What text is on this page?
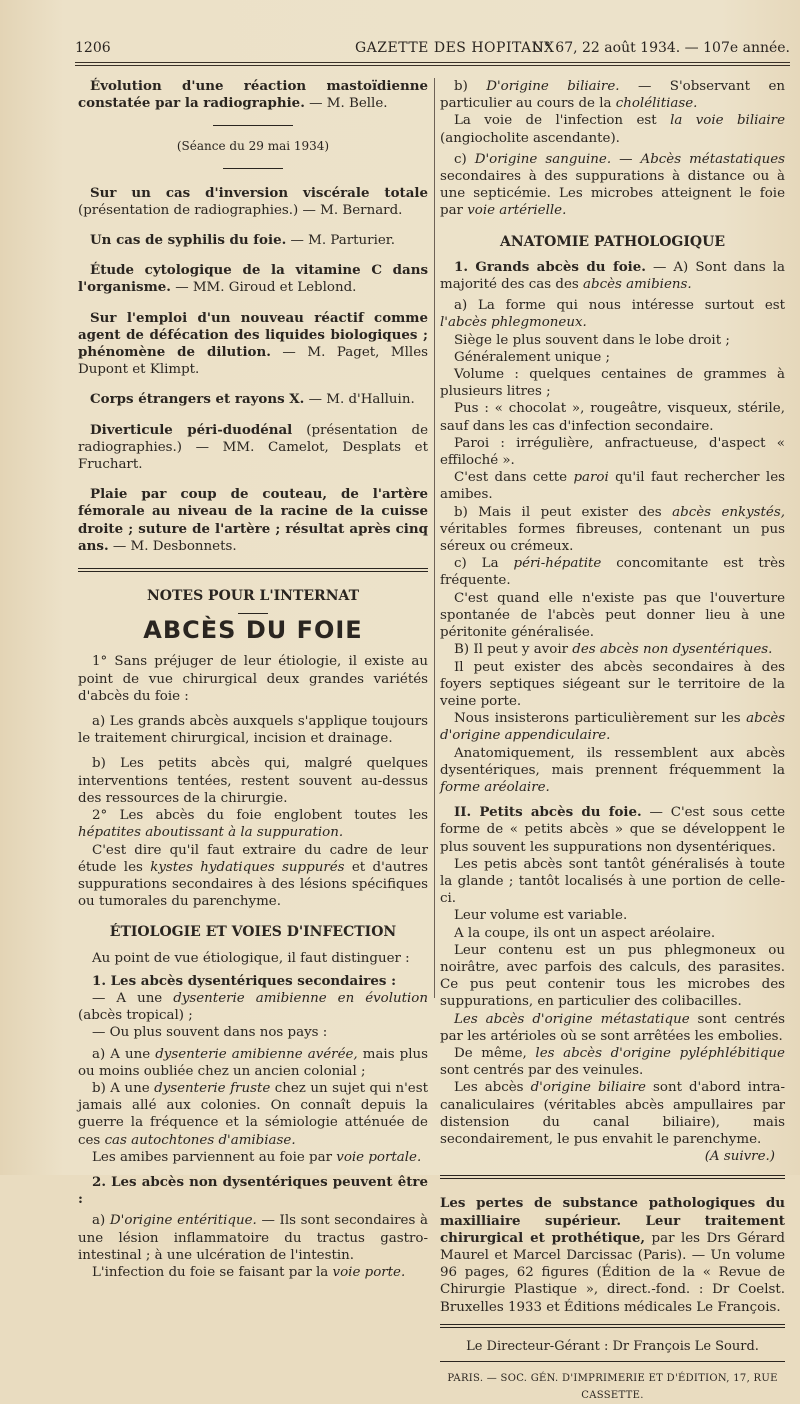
1206	GAZETTE DES HOPITAUX
N° 67, 22 août 1934. — 107e année.

Évolution d'une réaction mastoïdienne constatée par la radiographie. — M. Belle.

(Séance du 29 mai 1934)

Sur un cas d'inversion viscérale totale (présentation de radiographies.) — M. Bernard.

Un cas de syphilis du foie. — M. Parturier.

Étude cytologique de la vitamine C dans l'organisme. — MM. Giroud et Leblond.

Sur l'emploi d'un nouveau réactif comme agent de défécation des liquides biologiques ; phénomène de dilution. — M. Paget, Mlles Dupont et Klimpt.

Corps étrangers et rayons X. — M. d'Halluin.

Diverticule péri-duodénal (présentation de radiographies.) — MM. Camelot, Desplats et Fruchart.

Plaie par coup de couteau, de l'artère fémorale au niveau de la racine de la cuisse droite ; suture de l'artère ; résultat après cinq ans. — M. Desbonnets.

NOTES POUR L'INTERNAT

ABCÈS DU FOIE

1° Sans préjuger de leur étiologie, il existe au point de vue chirurgical deux grandes variétés d'abcès du foie :

a) Les grands abcès auxquels s'applique toujours le traitement chirurgical, incision et drainage.

b) Les petits abcès qui, malgré quelques interventions tentées, restent souvent au-dessus des ressources de la chirurgie.

2° Les abcès du foie englobent toutes les hépatites aboutissant à la suppuration.

C'est dire qu'il faut extraire du cadre de leur étude les kystes hydatiques suppurés et d'autres suppurations secondaires à des lésions spécifiques ou tumorales du parenchyme.

ÉTIOLOGIE ET VOIES D'INFECTION

Au point de vue étiologique, il faut distinguer :

1. Les abcès dysentériques secondaires :

— A une dysenterie amibienne en évolution (abcès tropical) ;

— Ou plus souvent dans nos pays :

a) A une dysenterie amibienne avérée, mais plus ou moins oubliée chez un ancien colonial ;

b) A une dysenterie fruste chez un sujet qui n'est jamais allé aux colonies. On connaît depuis la guerre la fréquence et la sémiologie atténuée de ces cas autochtones d'amibiase.

Les amibes parviennent au foie par voie portale.

2. Les abcès non dysentériques peuvent être :

a) D'origine entéritique. — Ils sont secondaires à une lésion inflammatoire du tractus gastro-intestinal ; à une ulcération de l'intestin.

L'infection du foie se faisant par la voie porte.

b) D'origine biliaire. — S'observant en particulier au cours de la cholélitiase.

La voie de l'infection est la voie biliaire (angiocholite ascendante).

c) D'origine sanguine. — Abcès métastatiques secondaires à des suppurations à distance ou à une septicémie. Les microbes atteignent le foie par voie artérielle.

ANATOMIE PATHOLOGIQUE

1. Grands abcès du foie. — A) Sont dans la majorité des cas des abcès amibiens.

a) La forme qui nous intéresse surtout est l'abcès phlegmoneux.

Siège le plus souvent dans le lobe droit ;

Généralement unique ;

Volume : quelques centaines de grammes à plusieurs litres ;

Pus : « chocolat », rougeâtre, visqueux, stérile, sauf dans les cas d'infection secondaire.

Paroi : irrégulière, anfractueuse, d'aspect « effiloché ».

C'est dans cette paroi qu'il faut rechercher les amibes.

b) Mais il peut exister des abcès enkystés, véritables formes fibreuses, contenant un pus séreux ou crémeux.

c) La péri-hépatite concomitante est très fréquente.

C'est quand elle n'existe pas que l'ouverture spontanée de l'abcès peut donner lieu à une péritonite généralisée.

B) Il peut y avoir des abcès non dysentériques.

Il peut exister des abcès secondaires à des foyers septiques siégeant sur le territoire de la veine porte.

Nous insisterons particulièrement sur les abcès d'origine appendiculaire.

Anatomiquement, ils ressemblent aux abcès dysentériques, mais prennent fréquemment la forme aréolaire.

II. Petits abcès du foie. — C'est sous cette forme de « petits abcès » que se développent le plus souvent les suppurations non dysentériques.

Les petis abcès sont tantôt généralisés à toute la glande ; tantôt localisés à une portion de celle-ci.

Leur volume est variable.

A la coupe, ils ont un aspect aréolaire.

Leur contenu est un pus phlegmoneux ou noirâtre, avec parfois des calculs, des parasites. Ce pus peut contenir tous les microbes des suppurations, en particulier des colibacilles.

Les abcès d'origine métastatique sont centrés par les artérioles où se sont arrêtées les embolies.

De même, les abcès d'origine pyléphlébitique sont centrés par des veinules.

Les abcès d'origine biliaire sont d'abord intra-canaliculaires (véritables abcès ampullaires par distension du canal biliaire), mais secondairement, le pus envahit le parenchyme.

(A suivre.)

Les pertes de substance pathologiques du maxilliaire supérieur. Leur traitement chirurgical et prothétique, par les Drs Gérard Maurel et Marcel Darcissac (Paris). — Un volume 96 pages, 62 figures (Édition de la « Revue de Chirurgie Plastique », direct.-fond. : Dr Coelst. Bruxelles 1933 et Éditions médicales Le François.

Le Directeur-Gérant : Dr François Le Sourd.

PARIS. — SOC. GÉN. D'IMPRIMERIE ET D'ÉDITION, 17, RUE CASSETTE.
